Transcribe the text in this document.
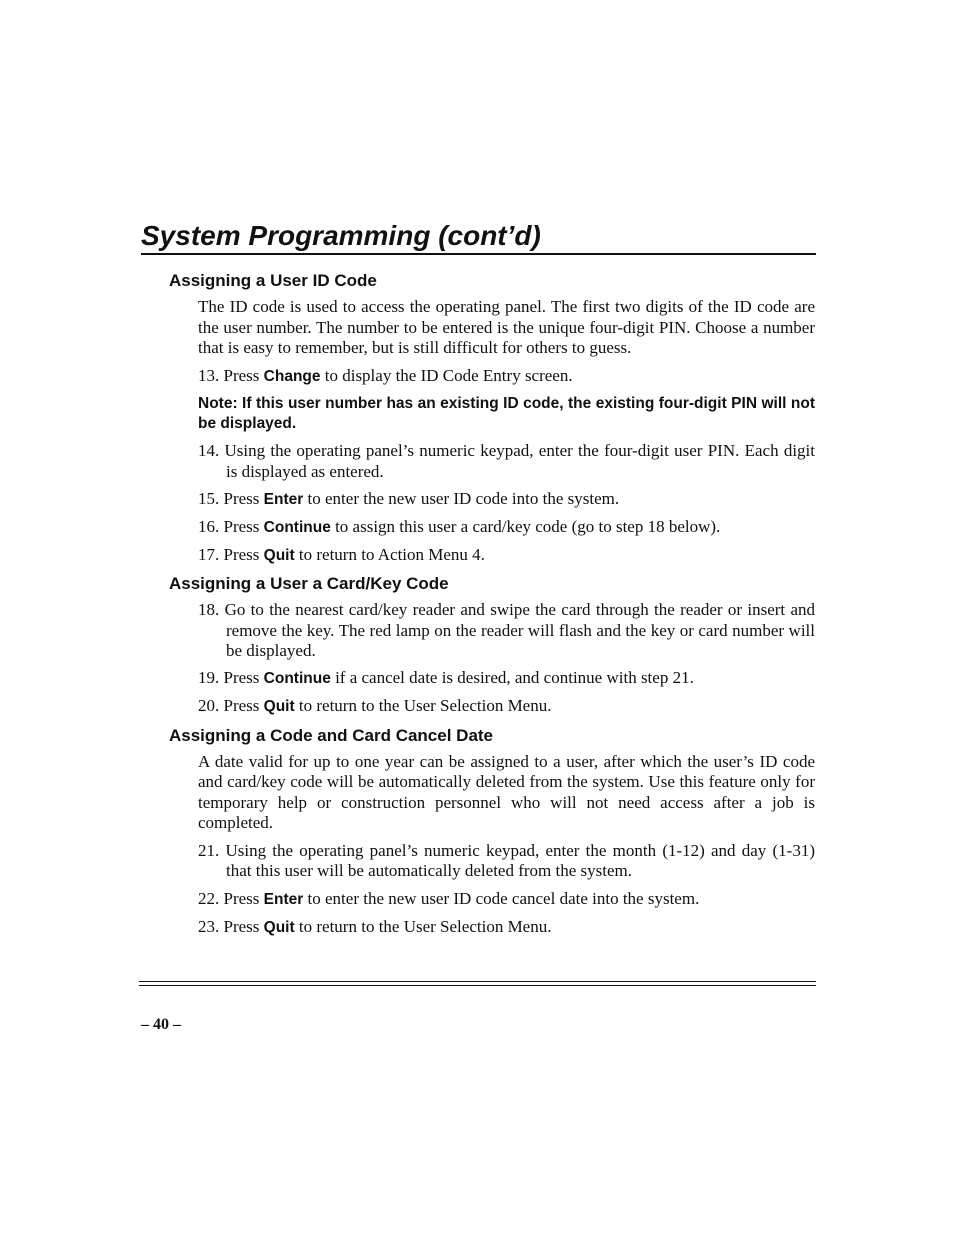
System Programming (cont’d)
Assigning a User ID Code

The ID code is used to access the operating panel. The first two digits of the ID code are the user number. The number to be entered is the unique four-digit PIN. Choose a number that is easy to remember, but is still difficult for others to guess.

13. Press Change to display the ID Code Entry screen.

Note: If this user number has an existing ID code, the existing four-digit PIN will not be displayed.

14. Using the operating panel’s numeric keypad, enter the four-digit user PIN. Each digit is displayed as entered.

15. Press Enter to enter the new user ID code into the system.

16. Press Continue to assign this user a card/key code (go to step 18 below).

17. Press Quit to return to Action Menu 4.

Assigning a User a Card/Key Code

18. Go to the nearest card/key reader and swipe the card through the reader or insert and remove the key. The red lamp on the reader will flash and the key or card number will be displayed.

19. Press Continue if a cancel date is desired, and continue with step 21.

20. Press Quit to return to the User Selection Menu.

Assigning a Code and Card Cancel Date

A date valid for up to one year can be assigned to a user, after which the user’s ID code and card/key code will be automatically deleted from the system. Use this feature only for temporary help or construction personnel who will not need access after a job is completed.

21. Using the operating panel’s numeric keypad, enter the month (1-12) and day (1-31) that this user will be automatically deleted from the system.

22. Press Enter to enter the new user ID code cancel date into the system.

23. Press Quit to return to the User Selection Menu.

– 40 –
